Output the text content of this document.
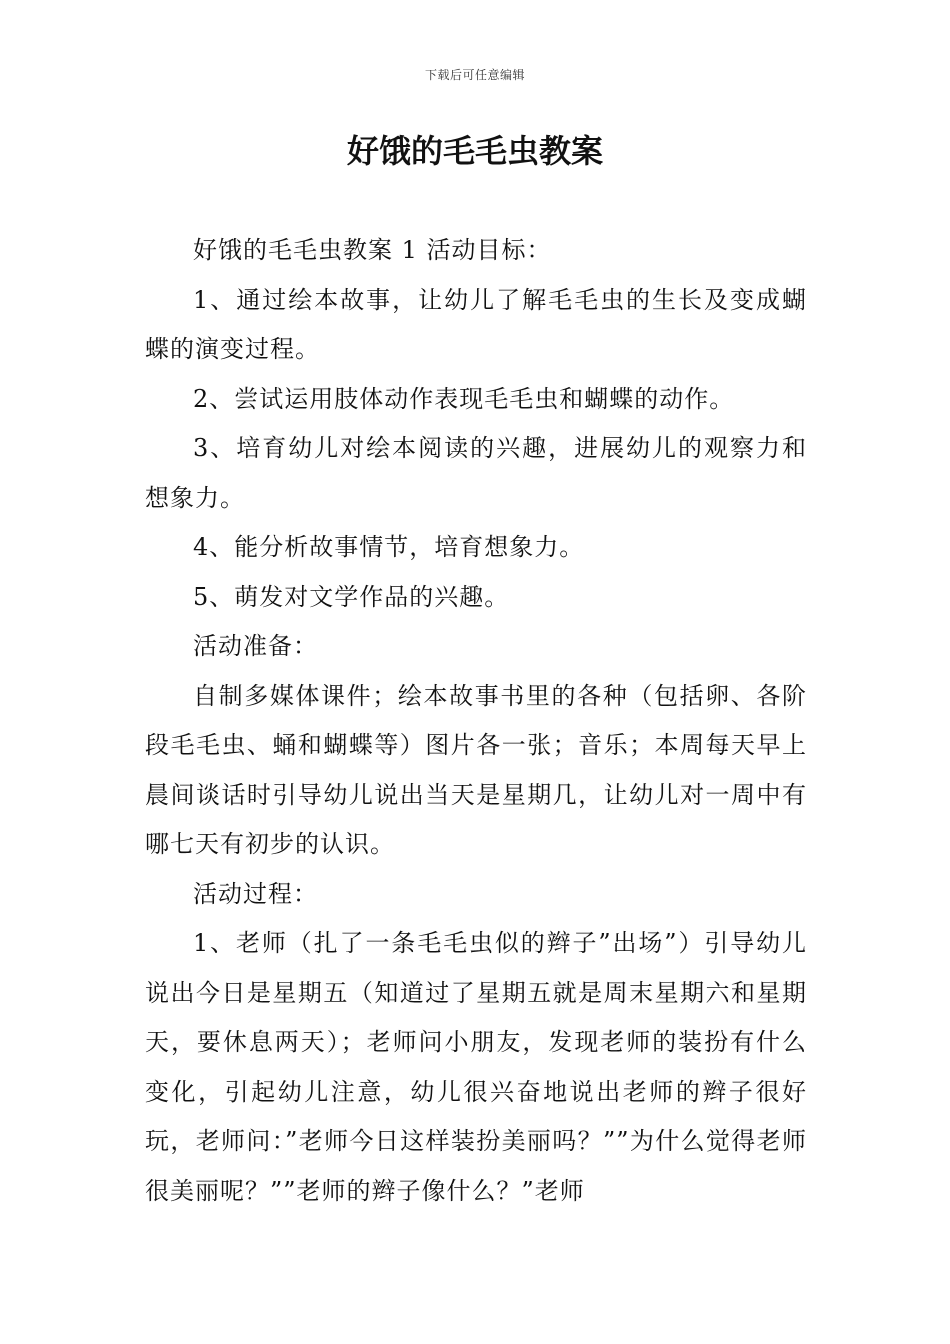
下载后可任意编辑
好饿的毛毛虫教案

好饿的毛毛虫教案 1 活动目标：

1、通过绘本故事，让幼儿了解毛毛虫的生长及变成蝴蝶的演变过程。

2、尝试运用肢体动作表现毛毛虫和蝴蝶的动作。

3、培育幼儿对绘本阅读的兴趣，进展幼儿的观察力和想象力。

4、能分析故事情节，培育想象力。

5、萌发对文学作品的兴趣。

活动准备：

自制多媒体课件；绘本故事书里的各种（包括卵、各阶段毛毛虫、蛹和蝴蝶等）图片各一张；音乐；本周每天早上晨间谈话时引导幼儿说出当天是星期几，让幼儿对一周中有哪七天有初步的认识。

活动过程：

1、老师（扎了一条毛毛虫似的辫子”出场”）引导幼儿说出今日是星期五（知道过了星期五就是周末星期六和星期天，要休息两天）；老师问小朋友，发现老师的装扮有什么变化，引起幼儿注意，幼儿很兴奋地说出老师的辫子很好玩，老师问：”老师今日这样装扮美丽吗？””为什么觉得老师很美丽呢？””老师的辫子像什么？”老师
